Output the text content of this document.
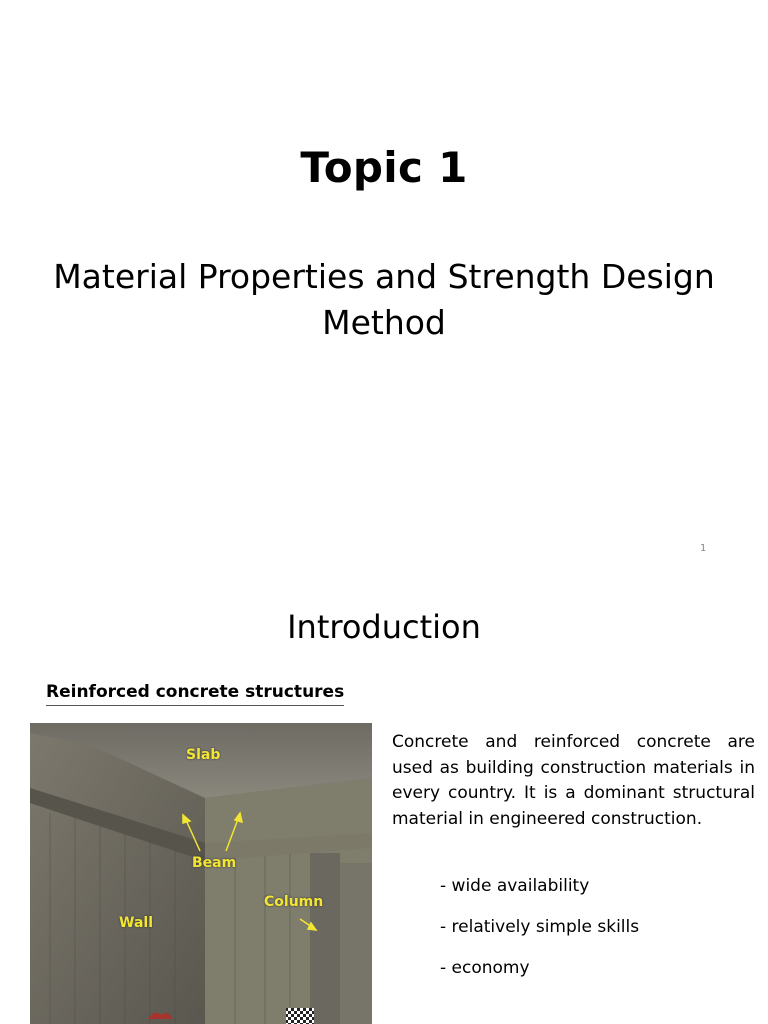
Topic 1
Material Properties and Strength Design Method
1
Introduction
Reinforced concrete structures
Slab
Beam
Column
Wall
Concrete and reinforced concrete are used as building construction materials in every country. It is a dominant structural material in engineered construction.
- wide availability
- relatively simple skills
- economy
